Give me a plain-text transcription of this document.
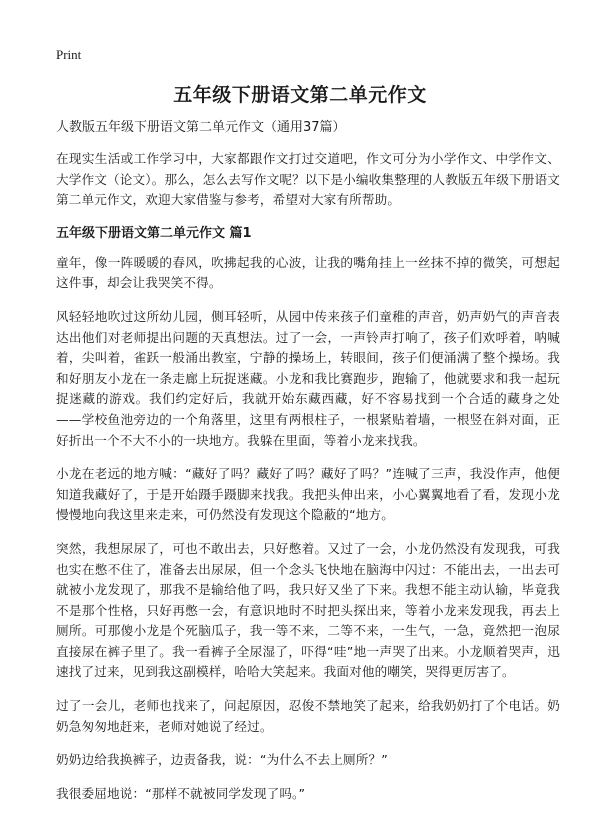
Print
五年级下册语文第二单元作文

人教版五年级下册语文第二单元作文（通用37篇）

在现实生活或工作学习中，大家都跟作文打过交道吧，作文可分为小学作文、中学作文、大学作文（论文）。那么，怎么去写作文呢？以下是小编收集整理的人教版五年级下册语文第二单元作文，欢迎大家借鉴与参考，希望对大家有所帮助。

五年级下册语文第二单元作文 篇1

童年，像一阵暖暖的春风，吹拂起我的心波，让我的嘴角挂上一丝抹不掉的微笑，可想起这件事，却会让我哭笑不得。

风轻轻地吹过这所幼儿园，侧耳轻听，从园中传来孩子们童稚的声音，奶声奶气的声音表达出他们对老师提出问题的天真想法。过了一会，一声铃声打响了，孩子们欢呼着，呐喊着，尖叫着，雀跃一般涌出教室，宁静的操场上，转眼间，孩子们便涌满了整个操场。我和好朋友小龙在一条走廊上玩捉迷藏。小龙和我比赛跑步，跑输了，他就要求和我一起玩捉迷藏的游戏。我们约定好后，我就开始东藏西藏，好不容易找到一个合适的藏身之处——学校鱼池旁边的一个角落里，这里有两根柱子，一根紧贴着墙，一根竖在斜对面，正好折出一个不大不小的一块地方。我躲在里面，等着小龙来找我。

小龙在老远的地方喊：“藏好了吗？藏好了吗？藏好了吗？”连喊了三声，我没作声，他便知道我藏好了，于是开始蹑手蹑脚来找我。我把头伸出来，小心翼翼地看了看，发现小龙慢慢地向我这里来走来，可仍然没有发现这个隐蔽的“地方。

突然，我想尿尿了，可也不敢出去，只好憋着。又过了一会，小龙仍然没有发现我，可我也实在憋不住了，准备去出尿尿，但一个念头飞快地在脑海中闪过：不能出去，一出去可就被小龙发现了，那我不是输给他了吗，我只好又坐了下来。我想不能主动认输，毕竟我不是那个性格，只好再憋一会，有意识地时不时把头探出来，等着小龙来发现我，再去上厕所。可那傻小龙是个死脑瓜子，我一等不来，二等不来，一生气，一急，竟然把一泡尿直接尿在裤子里了。我一看裤子全尿湿了，吓得“哇”地一声哭了出来。小龙顺着哭声，迅速找了过来，见到我这副模样，哈哈大笑起来。我面对他的嘲笑，哭得更厉害了。

过了一会儿，老师也找来了，问起原因，忍俊不禁地笑了起来，给我奶奶打了个电话。奶奶急匆匆地赶来，老师对她说了经过。

奶奶边给我换裤子，边责备我，说：“为什么不去上厕所？”

我很委屈地说：“那样不就被同学发现了吗。”
